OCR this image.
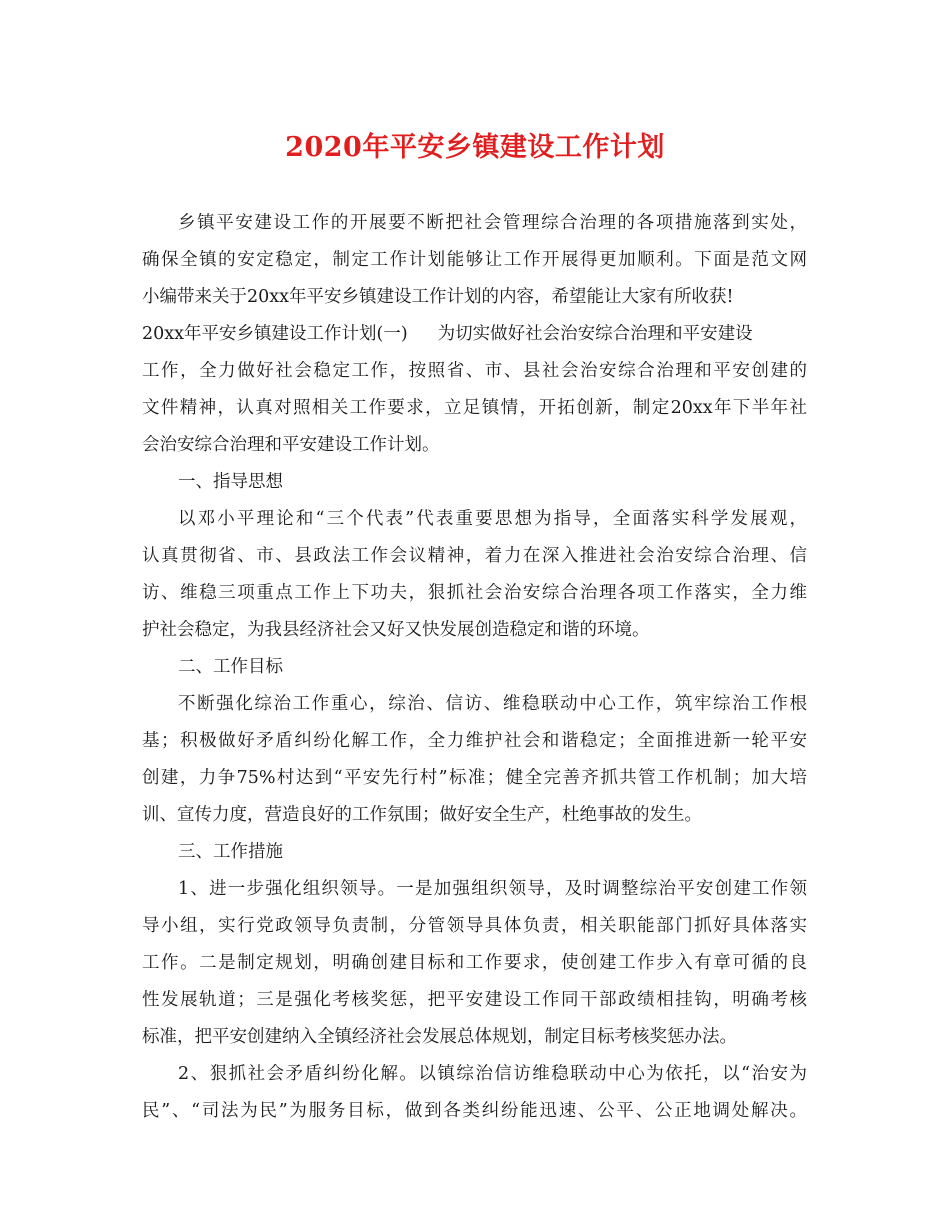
2020年平安乡镇建设工作计划
乡镇平安建设工作的开展要不断把社会管理综合治理的各项措施落到实处，
确保全镇的安定稳定，制定工作计划能够让工作开展得更加顺利。下面是范文网
小编带来关于20xx年平安乡镇建设工作计划的内容，希望能让大家有所收获!
20xx年平安乡镇建设工作计划(一) 为切实做好社会治安综合治理和平安建设
工作，全力做好社会稳定工作，按照省、市、县社会治安综合治理和平安创建的
文件精神，认真对照相关工作要求，立足镇情，开拓创新，制定20xx年下半年社
会治安综合治理和平安建设工作计划。
一、指导思想
以邓小平理论和“三个代表”代表重要思想为指导，全面落实科学发展观，
认真贯彻省、市、县政法工作会议精神，着力在深入推进社会治安综合治理、信
访、维稳三项重点工作上下功夫，狠抓社会治安综合治理各项工作落实，全力维
护社会稳定，为我县经济社会又好又快发展创造稳定和谐的环境。
二、工作目标
不断强化综治工作重心，综治、信访、维稳联动中心工作，筑牢综治工作根
基；积极做好矛盾纠纷化解工作，全力维护社会和谐稳定；全面推进新一轮平安
创建，力争75%村达到“平安先行村”标准；健全完善齐抓共管工作机制；加大培
训、宣传力度，营造良好的工作氛围；做好安全生产，杜绝事故的发生。
三、工作措施
1、进一步强化组织领导。一是加强组织领导，及时调整综治平安创建工作领
导小组，实行党政领导负责制，分管领导具体负责，相关职能部门抓好具体落实
工作。二是制定规划，明确创建目标和工作要求，使创建工作步入有章可循的良
性发展轨道；三是强化考核奖惩，把平安建设工作同干部政绩相挂钩，明确考核
标准，把平安创建纳入全镇经济社会发展总体规划，制定目标考核奖惩办法。
2、狠抓社会矛盾纠纷化解。以镇综治信访维稳联动中心为依托，以“治安为
民”、“司法为民”为服务目标，做到各类纠纷能迅速、公平、公正地调处解决。
